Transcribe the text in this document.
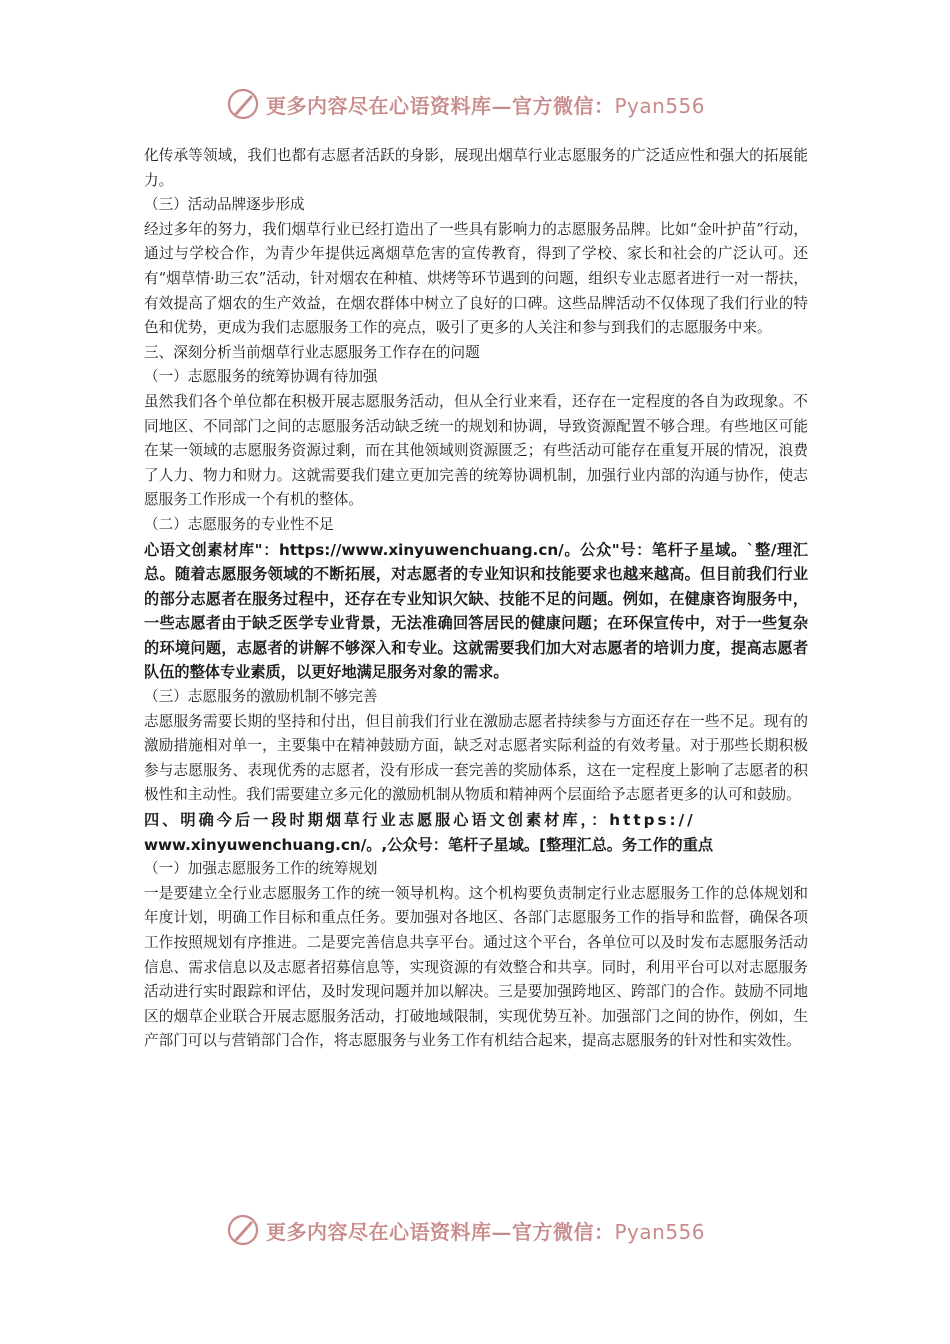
更多内容尽在心语资料库—官方微信：Pyan556

化传承等领域，我们也都有志愿者活跃的身影，展现出烟草行业志愿服务的广泛适应性和强大的拓展能力。

（三）活动品牌逐步形成

经过多年的努力，我们烟草行业已经打造出了一些具有影响力的志愿服务品牌。比如“金叶护苗”行动，通过与学校合作，为青少年提供远离烟草危害的宣传教育，得到了学校、家长和社会的广泛认可。还有“烟草情·助三农”活动，针对烟农在种植、烘烤等环节遇到的问题，组织专业志愿者进行一对一帮扶，有效提高了烟农的生产效益，在烟农群体中树立了良好的口碑。这些品牌活动不仅体现了我们行业的特色和优势，更成为我们志愿服务工作的亮点，吸引了更多的人关注和参与到我们的志愿服务中来。

三、深刻分析当前烟草行业志愿服务工作存在的问题

（一）志愿服务的统筹协调有待加强

虽然我们各个单位都在积极开展志愿服务活动，但从全行业来看，还存在一定程度的各自为政现象。不同地区、不同部门之间的志愿服务活动缺乏统一的规划和协调，导致资源配置不够合理。有些地区可能在某一领域的志愿服务资源过剩，而在其他领域则资源匮乏；有些活动可能存在重复开展的情况，浪费了人力、物力和财力。这就需要我们建立更加完善的统筹协调机制，加强行业内部的沟通与协作，使志愿服务工作形成一个有机的整体。

（二）志愿服务的专业性不足

心语文创素材库"：https://www.xinyuwenchuang.cn/。公众"号：笔杆子星域。`整/理汇总。随着志愿服务领域的不断拓展，对志愿者的专业知识和技能要求也越来越高。但目前我们行业的部分志愿者在服务过程中，还存在专业知识欠缺、技能不足的问题。例如，在健康咨询服务中，一些志愿者由于缺乏医学专业背景，无法准确回答居民的健康问题；在环保宣传中，对于一些复杂的环境问题，志愿者的讲解不够深入和专业。这就需要我们加大对志愿者的培训力度，提高志愿者队伍的整体专业素质，以更好地满足服务对象的需求。

（三）志愿服务的激励机制不够完善

志愿服务需要长期的坚持和付出，但目前我们行业在激励志愿者持续参与方面还存在一些不足。现有的激励措施相对单一，主要集中在精神鼓励方面，缺乏对志愿者实际利益的有效考量。对于那些长期积极参与志愿服务、表现优秀的志愿者，没有形成一套完善的奖励体系，这在一定程度上影响了志愿者的积极性和主动性。我们需要建立多元化的激励机制从物质和精神两个层面给予志愿者更多的认可和鼓励。

四、明确今后一段时期烟草行业志愿服心语文创素材库，：https://

www.xinyuwenchuang.cn/。,公众号：笔杆子星域。[整理汇总。务工作的重点

（一）加强志愿服务工作的统筹规划

一是要建立全行业志愿服务工作的统一领导机构。这个机构要负责制定行业志愿服务工作的总体规划和年度计划，明确工作目标和重点任务。要加强对各地区、各部门志愿服务工作的指导和监督，确保各项工作按照规划有序推进。二是要完善信息共享平台。通过这个平台，各单位可以及时发布志愿服务活动信息、需求信息以及志愿者招募信息等，实现资源的有效整合和共享。同时，利用平台可以对志愿服务活动进行实时跟踪和评估，及时发现问题并加以解决。三是要加强跨地区、跨部门的合作。鼓励不同地区的烟草企业联合开展志愿服务活动，打破地域限制，实现优势互补。加强部门之间的协作，例如，生产部门可以与营销部门合作，将志愿服务与业务工作有机结合起来，提高志愿服务的针对性和实效性。

更多内容尽在心语资料库—官方微信：Pyan556
